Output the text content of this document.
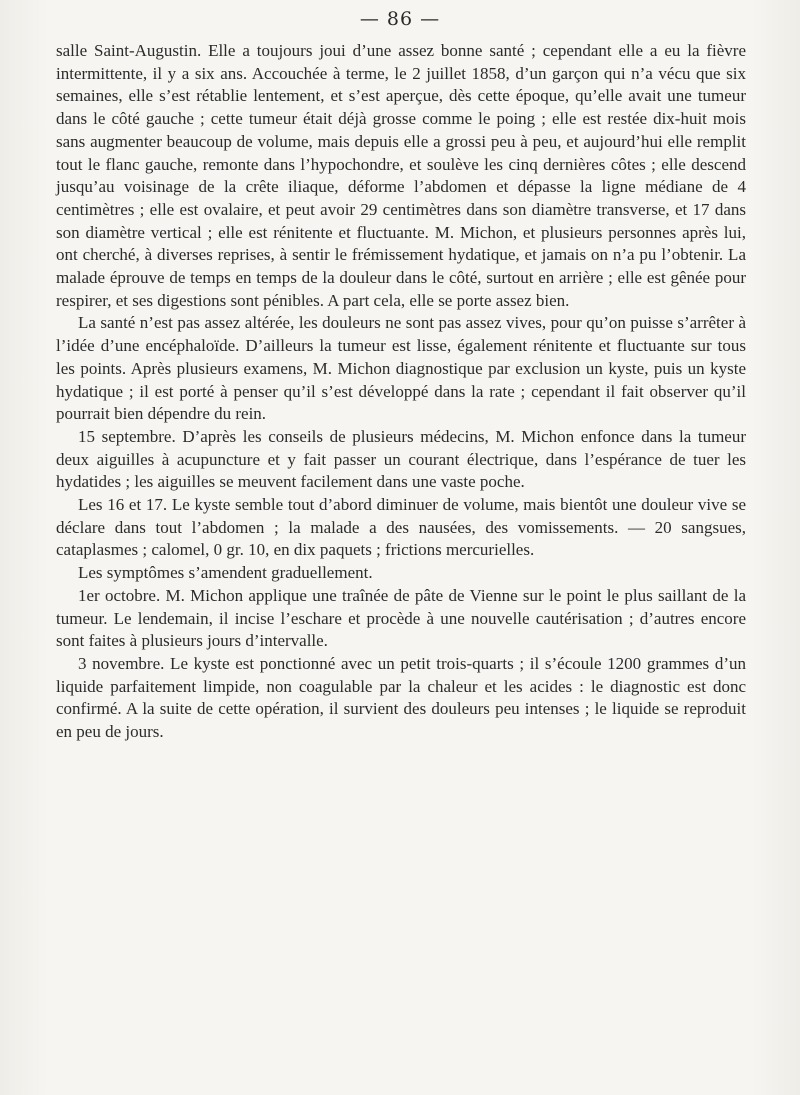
— 86 —

salle Saint-Augustin. Elle a toujours joui d’une assez bonne santé ; cependant elle a eu la fièvre intermittente, il y a six ans. Accouchée à terme, le 2 juillet 1858, d’un garçon qui n’a vécu que six semaines, elle s’est rétablie lentement, et s’est aperçue, dès cette époque, qu’elle avait une tumeur dans le côté gauche ; cette tumeur était déjà grosse comme le poing ; elle est restée dix-huit mois sans augmenter beaucoup de volume, mais depuis elle a grossi peu à peu, et aujourd’hui elle remplit tout le flanc gauche, remonte dans l’hypochondre, et soulève les cinq dernières côtes ; elle descend jusqu’au voisinage de la crête iliaque, déforme l’abdomen et dépasse la ligne médiane de 4 centimètres ; elle est ovalaire, et peut avoir 29 centimètres dans son diamètre transverse, et 17 dans son diamètre vertical ; elle est rénitente et fluctuante. M. Michon, et plusieurs personnes après lui, ont cherché, à diverses reprises, à sentir le frémissement hydatique, et jamais on n’a pu l’obtenir. La malade éprouve de temps en temps de la douleur dans le côté, surtout en arrière ; elle est gênée pour respirer, et ses digestions sont pénibles. A part cela, elle se porte assez bien.

La santé n’est pas assez altérée, les douleurs ne sont pas assez vives, pour qu’on puisse s’arrêter à l’idée d’une encéphaloïde. D’ailleurs la tumeur est lisse, également rénitente et fluctuante sur tous les points. Après plusieurs examens, M. Michon diagnostique par exclusion un kyste, puis un kyste hydatique ; il est porté à penser qu’il s’est développé dans la rate ; cependant il fait observer qu’il pourrait bien dépendre du rein.

15 septembre. D’après les conseils de plusieurs médecins, M. Michon enfonce dans la tumeur deux aiguilles à acupuncture et y fait passer un courant électrique, dans l’espérance de tuer les hydatides ; les aiguilles se meuvent facilement dans une vaste poche.

Les 16 et 17. Le kyste semble tout d’abord diminuer de volume, mais bientôt une douleur vive se déclare dans tout l’abdomen ; la malade a des nausées, des vomissements. — 20 sangsues, cataplasmes ; calomel, 0 gr. 10, en dix paquets ; frictions mercurielles.

Les symptômes s’amendent graduellement.

1er octobre. M. Michon applique une traînée de pâte de Vienne sur le point le plus saillant de la tumeur. Le lendemain, il incise l’eschare et procède à une nouvelle cautérisation ; d’autres encore sont faites à plusieurs jours d’intervalle.

3 novembre. Le kyste est ponctionné avec un petit trois-quarts ; il s’écoule 1200 grammes d’un liquide parfaitement limpide, non coagulable par la chaleur et les acides : le diagnostic est donc confirmé. A la suite de cette opération, il survient des douleurs peu intenses ; le liquide se reproduit en peu de jours.
